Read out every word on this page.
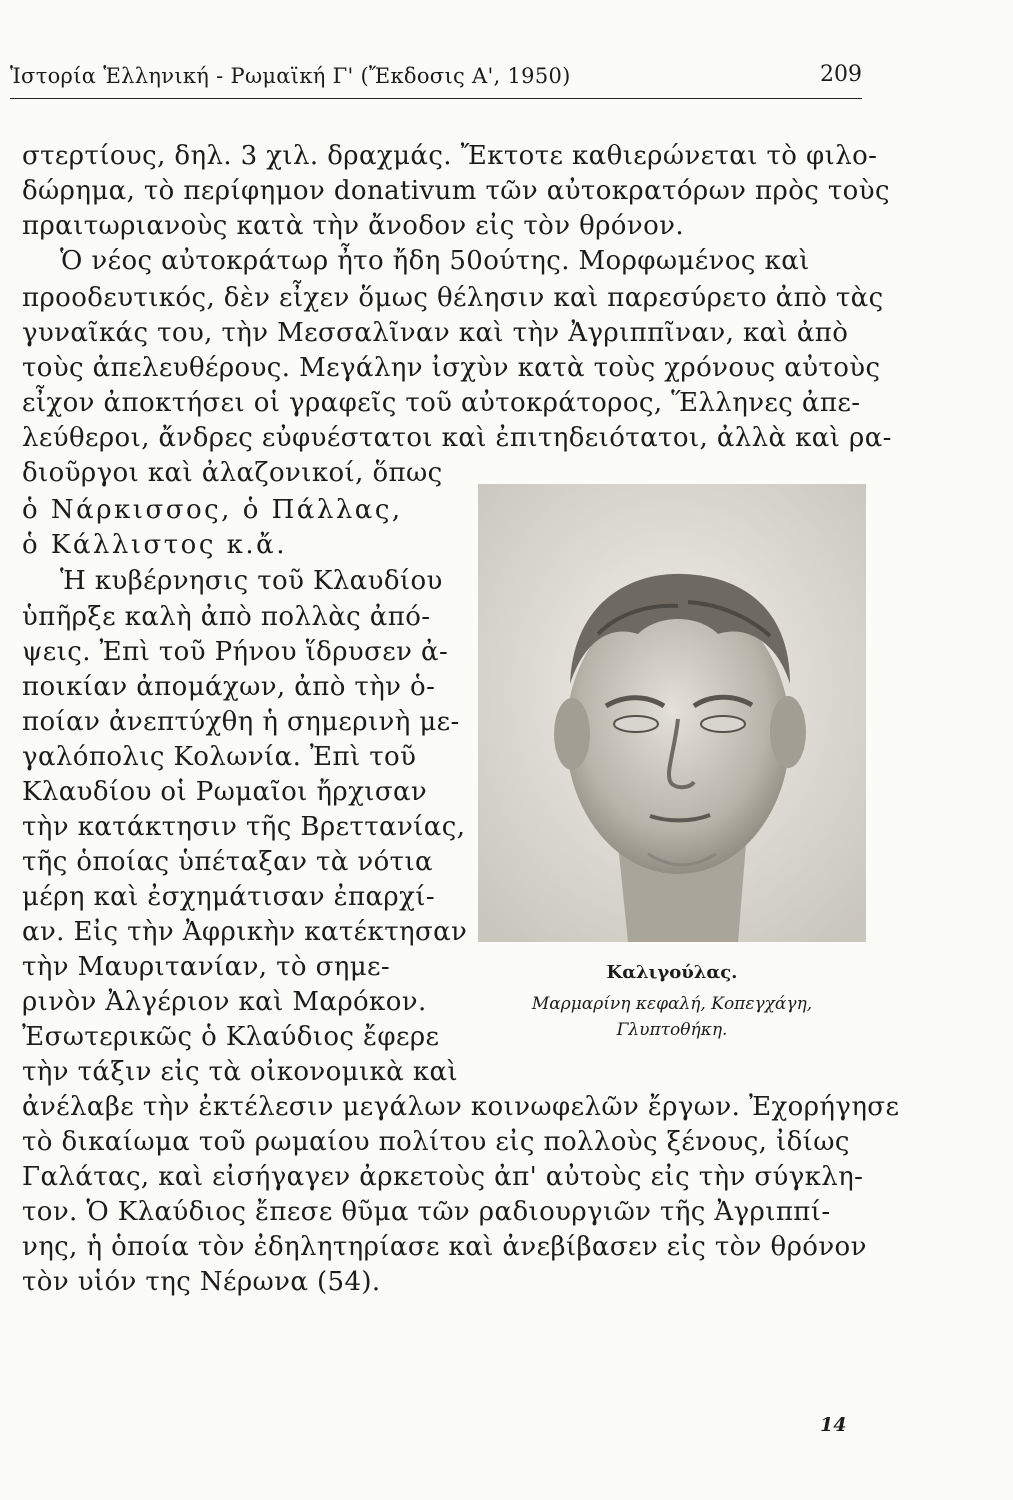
Ἱστορία Ἑλληνική - Ρωμαϊκή Γ' (Ἔκδοσις Α', 1950)	209
στερτίους, δηλ. 3 χιλ. δραχμάς. Ἔκτοτε καθιερώνεται τὸ φιλο-
δώρημα, τὸ περίφημον donativum τῶν αὐτοκρατόρων πρὸς τοὺς
πραιτωριανοὺς κατὰ τὴν ἄνοδον εἰς τὸν θρόνον.
Ὁ νέος αὐτοκράτωρ ἦτο ἤδη 50ούτης. Μορφωμένος καὶ
προοδευτικός, δὲν εἶχεν ὅμως θέλησιν καὶ παρεσύρετο ἀπὸ τὰς
γυναῖκάς του, τὴν Μεσσαλῖναν καὶ τὴν Ἀγριππῖναν, καὶ ἀπὸ
τοὺς ἀπελευθέρους. Μεγάλην ἰσχὺν κατὰ τοὺς χρόνους αὐτοὺς
εἶχον ἀποκτήσει οἱ γραφεῖς τοῦ αὐτοκράτορος, Ἕλληνες ἀπε-
λεύθεροι, ἄνδρες εὐφυέστατοι καὶ ἐπιτηδειότατοι, ἀλλὰ καὶ ρα-
διοῦργοι καὶ ἀλαζονικοί, ὅπως
ὁ Νάρκισσος, ὁ Πάλλας,
ὁ Κάλλιστος κ.ἄ.
Ἡ κυβέρνησις τοῦ Κλαυδίου
ὑπῆρξε καλὴ ἀπὸ πολλὰς ἀπό-
ψεις. Ἐπὶ τοῦ Ρήνου ἵδρυσεν ἀ-
ποικίαν ἀπομάχων, ἀπὸ τὴν ὁ-
ποίαν ἀνεπτύχθη ἡ σημερινὴ με-
γαλόπολις Κολωνία. Ἐπὶ τοῦ
Κλαυδίου οἱ Ρωμαῖοι ἤρχισαν
τὴν κατάκτησιν τῆς Βρεττανίας,
τῆς ὁποίας ὑπέταξαν τὰ νότια
μέρη καὶ ἐσχημάτισαν ἐπαρχί-
αν. Εἰς τὴν Ἀφρικὴν κατέκτησαν
τὴν Μαυριτανίαν, τὸ σημε-
ρινὸν Ἀλγέριον καὶ Μαρόκον.
Ἐσωτερικῶς ὁ Κλαύδιος ἔφερε
τὴν τάξιν εἰς τὰ οἰκονομικὰ καὶ
ἀνέλαβε τὴν ἐκτέλεσιν μεγάλων κοινωφελῶν ἔργων. Ἐχορήγησε
τὸ δικαίωμα τοῦ ρωμαίου πολίτου εἰς πολλοὺς ξένους, ἰδίως
Γαλάτας, καὶ εἰσήγαγεν ἀρκετοὺς ἀπ' αὐτοὺς εἰς τὴν σύγκλη-
τον. Ὁ Κλαύδιος ἔπεσε θῦμα τῶν ραδιουργιῶν τῆς Ἀγριππί-
νης, ἡ ὁποία τὸν ἐδηλητηρίασε καὶ ἀνεβίβασεν εἰς τὸν θρόνον
τὸν υἱόν της Νέρωνα (54).
Καλιγούλας.
Μαρμαρίνη κεφαλή, Κοπεγχάγη,
Γλυπτοθήκη.
14
